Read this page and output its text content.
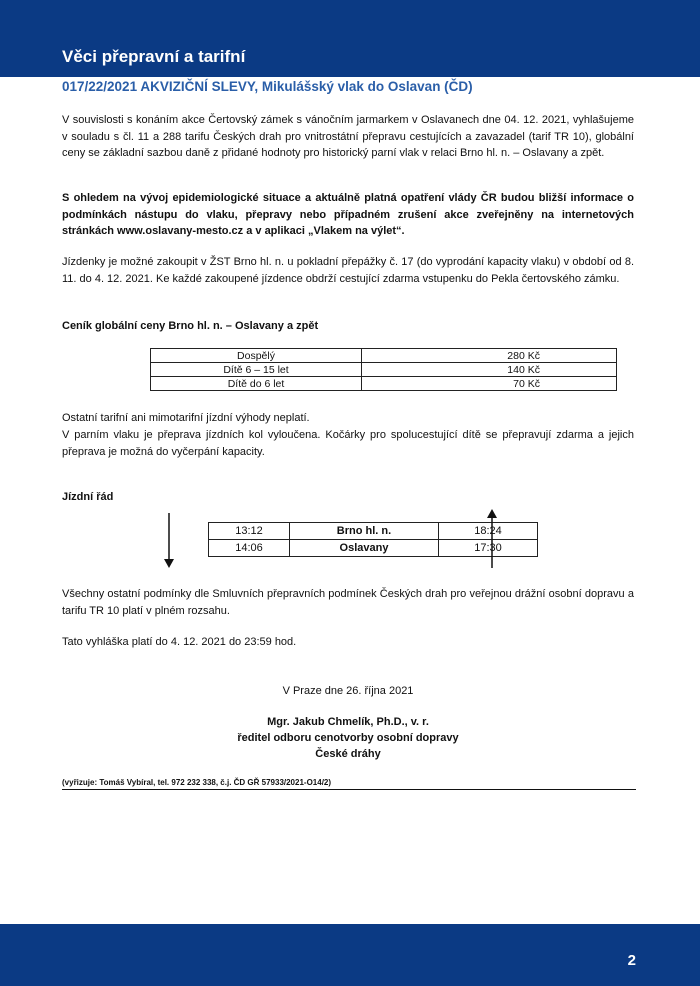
Věci přepravní a tarifní
017/22/2021 AKVIZIČNÍ SLEVY, Mikulášský vlak do Oslavan (ČD)
V souvislosti s konáním akce Čertovský zámek s vánočním jarmarkem v Oslavanech dne 04. 12. 2021, vyhlašujeme v souladu s čl. 11 a 288 tarifu Českých drah pro vnitrostátní přepravu cestujících a zavazadel (tarif TR 10), globální ceny se základní sazbou daně z přidané hodnoty pro historický parní vlak v relaci Brno hl. n. – Oslavany a zpět.
S ohledem na vývoj epidemiologické situace a aktuálně platná opatření vlády ČR budou bližší informace o podmínkách nástupu do vlaku, přepravy nebo případném zrušení akce zveřejněny na internetových stránkách www.oslavany-mesto.cz a v aplikaci „Vlakem na výlet“.
Jízdenky je možné zakoupit v ŽST Brno hl. n. u pokladní přepážky č. 17 (do vyprodání kapacity vlaku) v období od 8. 11. do 4. 12. 2021. Ke každé zakoupené jízdence obdrží cestující zdarma vstupenku do Pekla čertovského zámku.
Ceník globální ceny Brno hl. n. – Oslavany a zpět
Dospělý	280 Kč
Dítě 6 – 15 let	140 Kč
Dítě do 6 let	70 Kč
Ostatní tarifní ani mimotarifní jízdní výhody neplatí.
V parním vlaku je přeprava jízdních kol vyloučena. Kočárky pro spolucestující dítě se přepravují zdarma a jejich přeprava je možná do vyčerpání kapacity.
Jízdní řád
13:12	Brno hl. n.	18:24
14:06	Oslavany	17:30
Všechny ostatní podmínky dle Smluvních přepravních podmínek Českých drah pro veřejnou drážní osobní dopravu a tarifu TR 10 platí v plném rozsahu.
Tato vyhláška platí do 4. 12. 2021 do 23:59 hod.
V Praze dne 26. října 2021
Mgr. Jakub Chmelík, Ph.D., v. r.
ředitel odboru cenotvorby osobní dopravy
České dráhy
(vyřizuje: Tomáš Vybíral, tel. 972 232 338, č.j. ČD GŘ 57933/2021-O14/2)
2
